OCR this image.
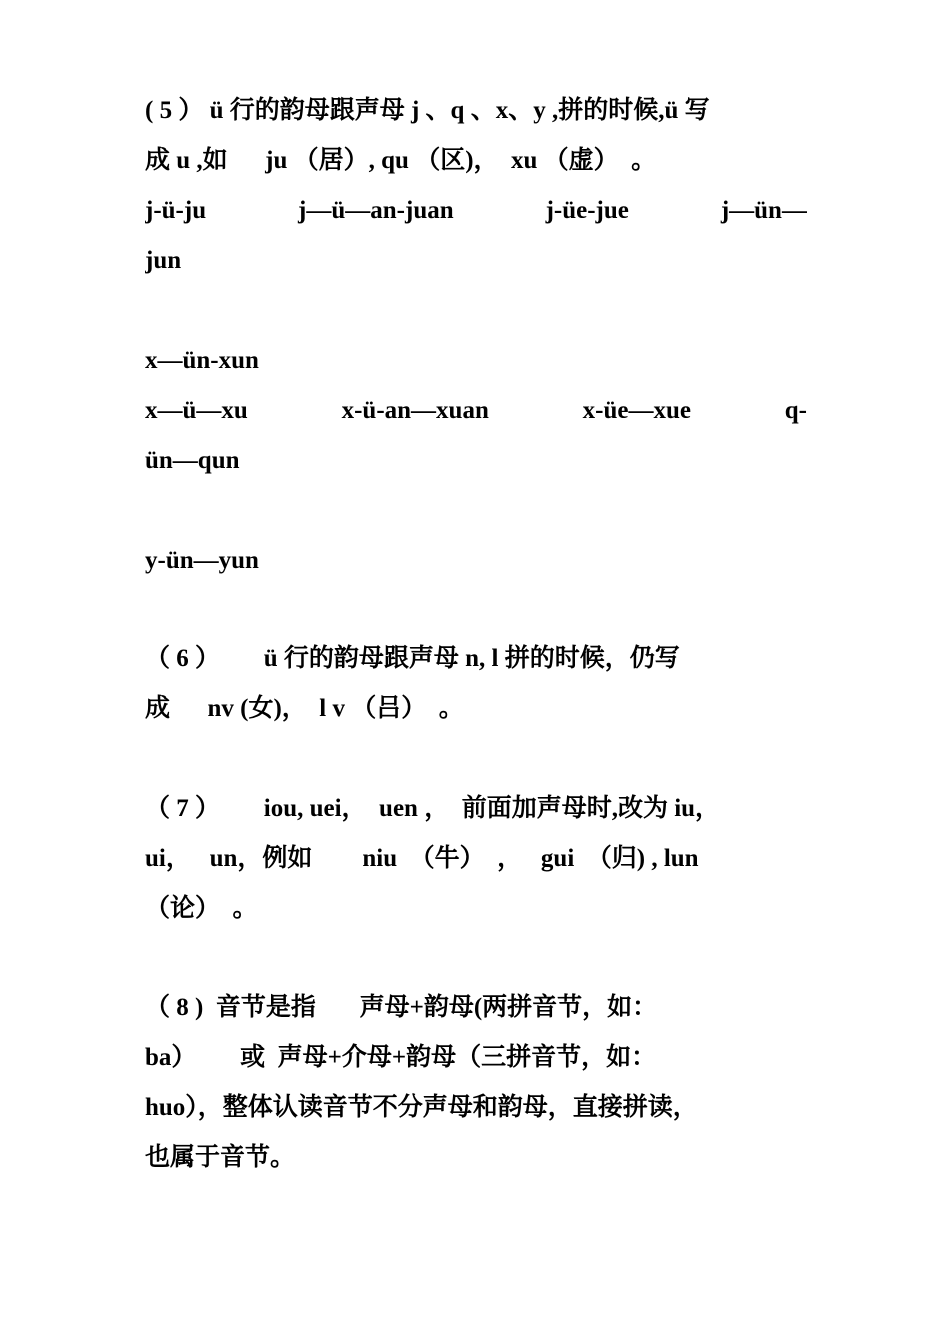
( 5 ） ü 行的韵母跟声母 j 、q 、x、y ,拼的时候,ü 写
成 u ,如      ju （居）, qu （区)，  xu （虚）  。
j-ü-ju	j—ü—an-juan	j-üe-jue	j—ün—
jun

x—ün-xun
x—ü—xu	x-ü-an—xuan	x-üe—xue	q-
ün—qun

y-ün—yun
（ 6 ）       ü 行的韵母跟声母 n, l 拼的时候，仍写
成      nv (女)，  l v （吕）  。
（ 7 ）       iou, uei，  uen ，  前面加声母时,改为 iu，
ui，   un，例如        niu  （牛）  ，   gui  （归) , lun
（论）  。
（ 8 )  音节是指       声母+韵母(两拼音节，如：
ba）       或  声母+介母+韵母（三拼音节，如：
huo），整体认读音节不分声母和韵母，直接拼读，
也属于音节。
